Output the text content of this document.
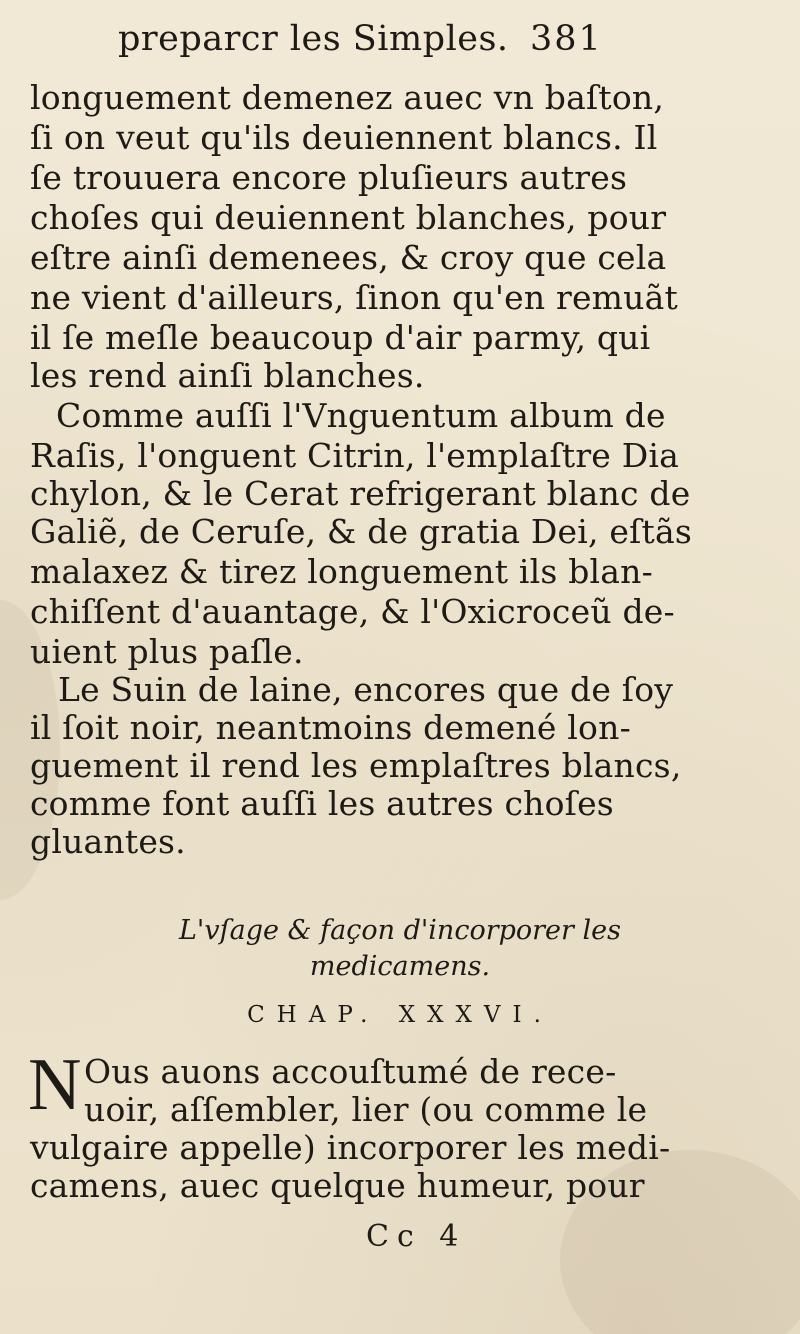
preparcr les Simples. 381
longuement demenez auec vn baſton,
ſi on veut qu'ils deuiennent blancs. Il
ſe trouuera encore pluſieurs autres
choſes qui deuiennent blanches, pour
eſtre ainſi demenees, & croy que cela
ne vient d'ailleurs, ſinon qu'en remuãt
il ſe meſle beaucoup d'air parmy, qui
les rend ainſi blanches.
Comme auſſi l'Vnguentum album de
Raſis, l'onguent Citrin, l'emplaſtre Dia
chylon, & le Cerat refrigerant blanc de
Galiẽ, de Ceruſe, & de gratia Dei, eſtãs
malaxez & tirez longuement ils blan-
chiſſent d'auantage, & l'Oxicroceũ de-
uient plus paſle.
Le Suin de laine, encores que de ſoy
il ſoit noir, neantmoins demené lon-
guement il rend les emplaſtres blancs,
comme font auſſi les autres choſes
gluantes.
L'vſage & façon d'incorporer les
medicamens.
CHAP. XXXVI.
N Ous auons accouſtumé de rece-
uoir, aſſembler, lier (ou comme le
vulgaire appelle) incorporer les medi-
camens, auec quelque humeur, pour
Cc 4
